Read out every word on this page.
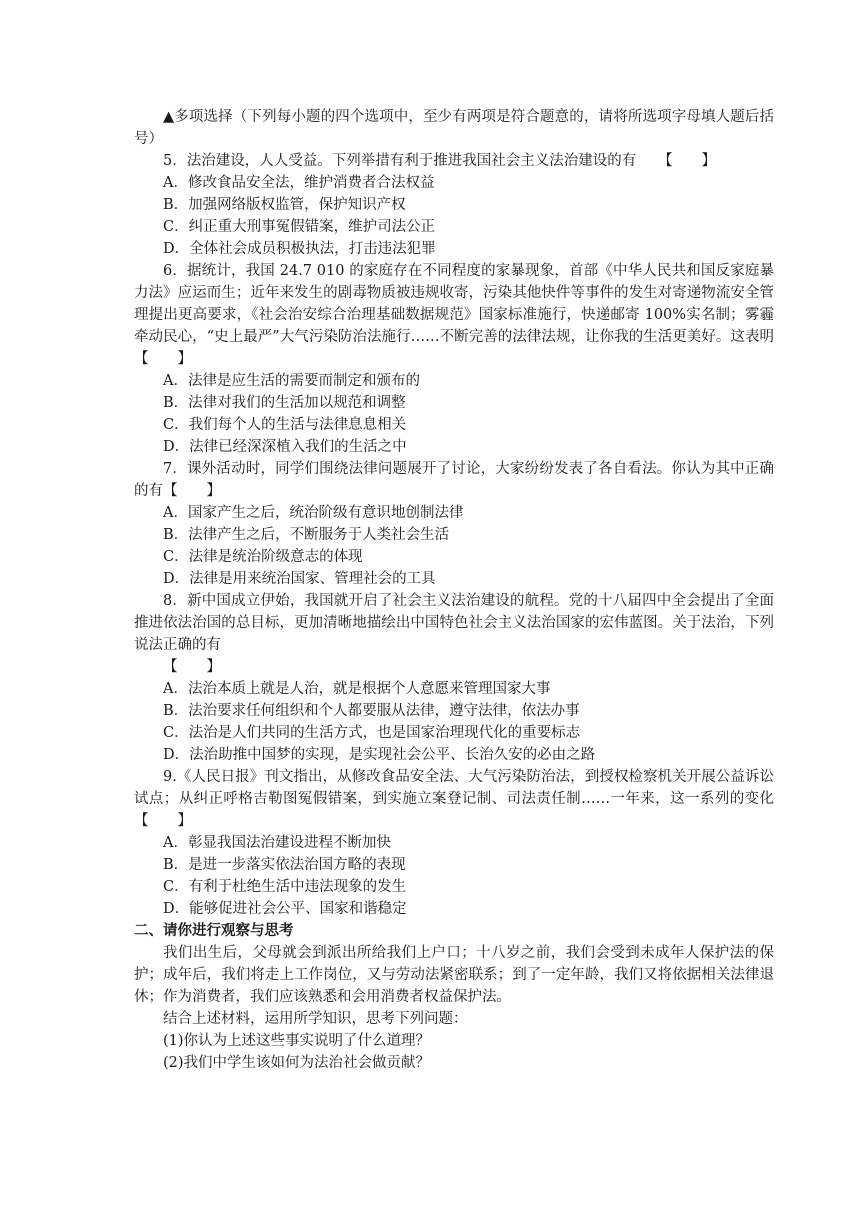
▲多项选择（下列每小题的四个选项中，至少有两项是符合题意的，请将所选项字母填人题后括号）

5．法治建设，人人受益。下列举措有利于推进我国社会主义法治建设的有　　【　　】

A．修改食品安全法，维护消费者合法权益

B．加强网络版权监管，保护知识产权

C．纠正重大刑事冤假错案，维护司法公正

D．全体社会成员积极执法，打击违法犯罪

6．据统计，我国 24.7 010 的家庭存在不同程度的家暴现象，首部《中华人民共和国反家庭暴力法》应运而生；近年来发生的剧毒物质被违规收寄，污染其他快件等事件的发生对寄递物流安全管理提出更高要求，《社会治安综合治理基础数据规范》国家标准施行，快递邮寄 100%实名制；雾霾牵动民心，“史上最严”大气污染防治法施行……不断完善的法律法规，让你我的生活更美好。这表明　　【　　】

A．法律是应生活的需要而制定和颁布的

B．法律对我们的生活加以规范和调整

C．我们每个人的生活与法律息息相关

D．法律已经深深植入我们的生活之中

7．课外活动时，同学们围绕法律问题展开了讨论，大家纷纷发表了各自看法。你认为其中正确的有【　　】

A．国家产生之后，统治阶级有意识地创制法律

B．法律产生之后，不断服务于人类社会生活

C．法律是统治阶级意志的体现

D．法律是用来统治国家、管理社会的工具

8．新中国成立伊始，我国就开启了社会主义法治建设的航程。党的十八届四中全会提出了全面推进依法治国的总目标，更加清晰地描绘出中国特色社会主义法治国家的宏伟蓝图。关于法治，下列说法正确的有

【　　】

A．法治本质上就是人治，就是根据个人意愿来管理国家大事

B．法治要求任何组织和个人都要服从法律，遵守法律，依法办事

C．法治是人们共同的生活方式，也是国家治理现代化的重要标志

D．法治助推中国梦的实现，是实现社会公平、长治久安的必由之路

9.《人民日报》刊文指出，从修改食品安全法、大气污染防治法，到授权检察机关开展公益诉讼试点；从纠正呼格吉勒图冤假错案，到实施立案登记制、司法责任制……一年来，这一系列的变化　　【　　】

A．彰显我国法治建设进程不断加快

B．是进一步落实依法治国方略的表现

C．有利于杜绝生活中违法现象的发生

D．能够促进社会公平、国家和谐稳定

二、请你进行观察与思考

我们出生后，父母就会到派出所给我们上户口；十八岁之前，我们会受到未成年人保护法的保护；成年后，我们将走上工作岗位，又与劳动法紧密联系；到了一定年龄，我们又将依据相关法律退休；作为消费者，我们应该熟悉和会用消费者权益保护法。

结合上述材料，运用所学知识，思考下列问题：

(1)你认为上述这些事实说明了什么道理？

(2)我们中学生该如何为法治社会做贡献？
